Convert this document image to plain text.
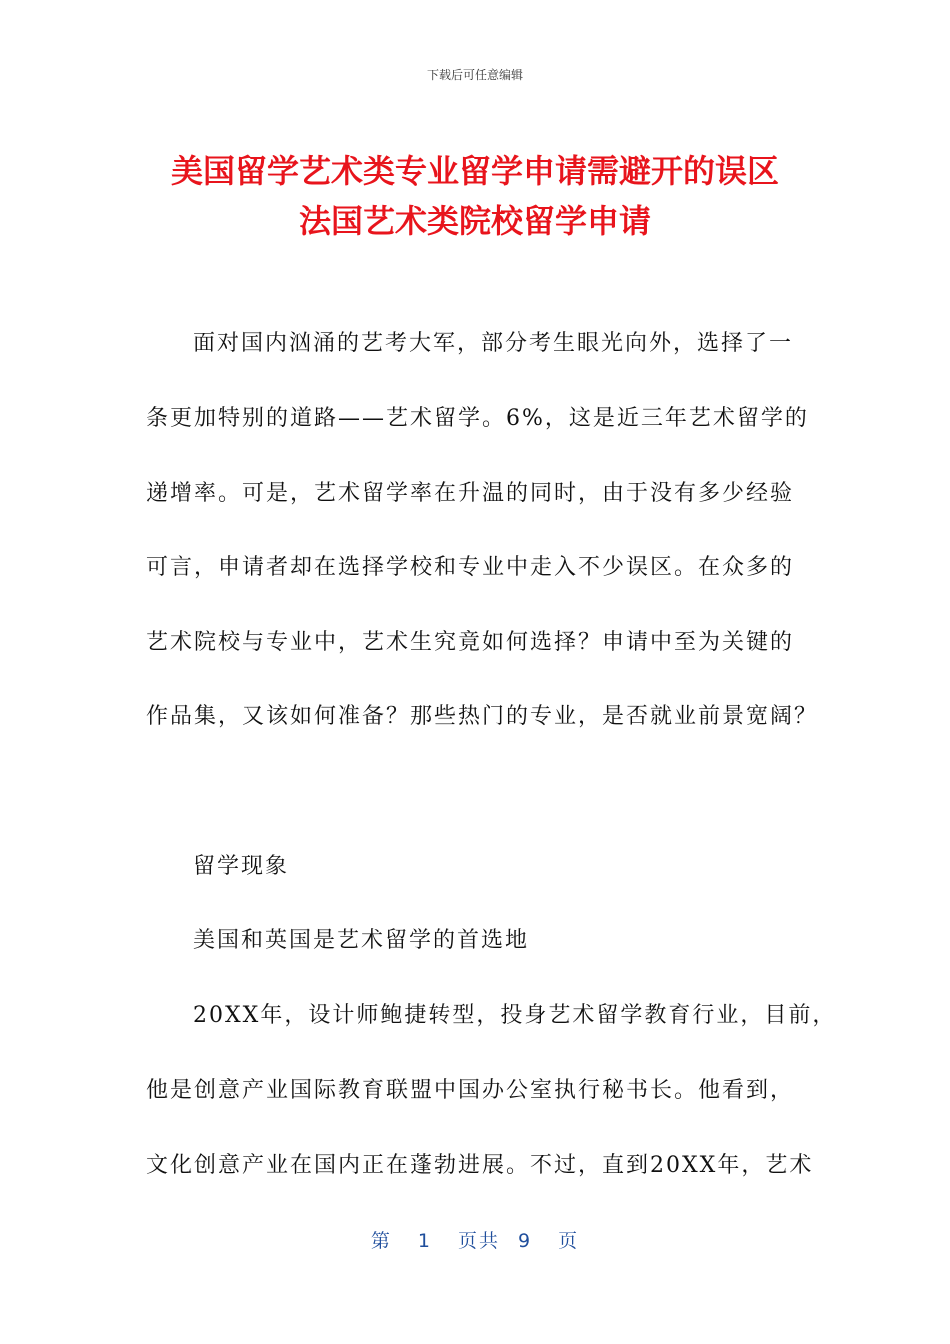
下载后可任意编辑
美国留学艺术类专业留学申请需避开的误区
法国艺术类院校留学申请
面对国内汹涌的艺考大军，部分考生眼光向外，选择了一
条更加特别的道路——艺术留学。6%，这是近三年艺术留学的
递增率。可是，艺术留学率在升温的同时，由于没有多少经验
可言，申请者却在选择学校和专业中走入不少误区。在众多的
艺术院校与专业中，艺术生究竟如何选择？申请中至为关键的
作品集，又该如何准备？那些热门的专业，是否就业前景宽阔？
留学现象
美国和英国是艺术留学的首选地
20XX年，设计师鲍捷转型，投身艺术留学教育行业，目前，
他是创意产业国际教育联盟中国办公室执行秘书长。他看到，
文化创意产业在国内正在蓬勃进展。不过，直到20XX年，艺术
第 1 页共 9 页
